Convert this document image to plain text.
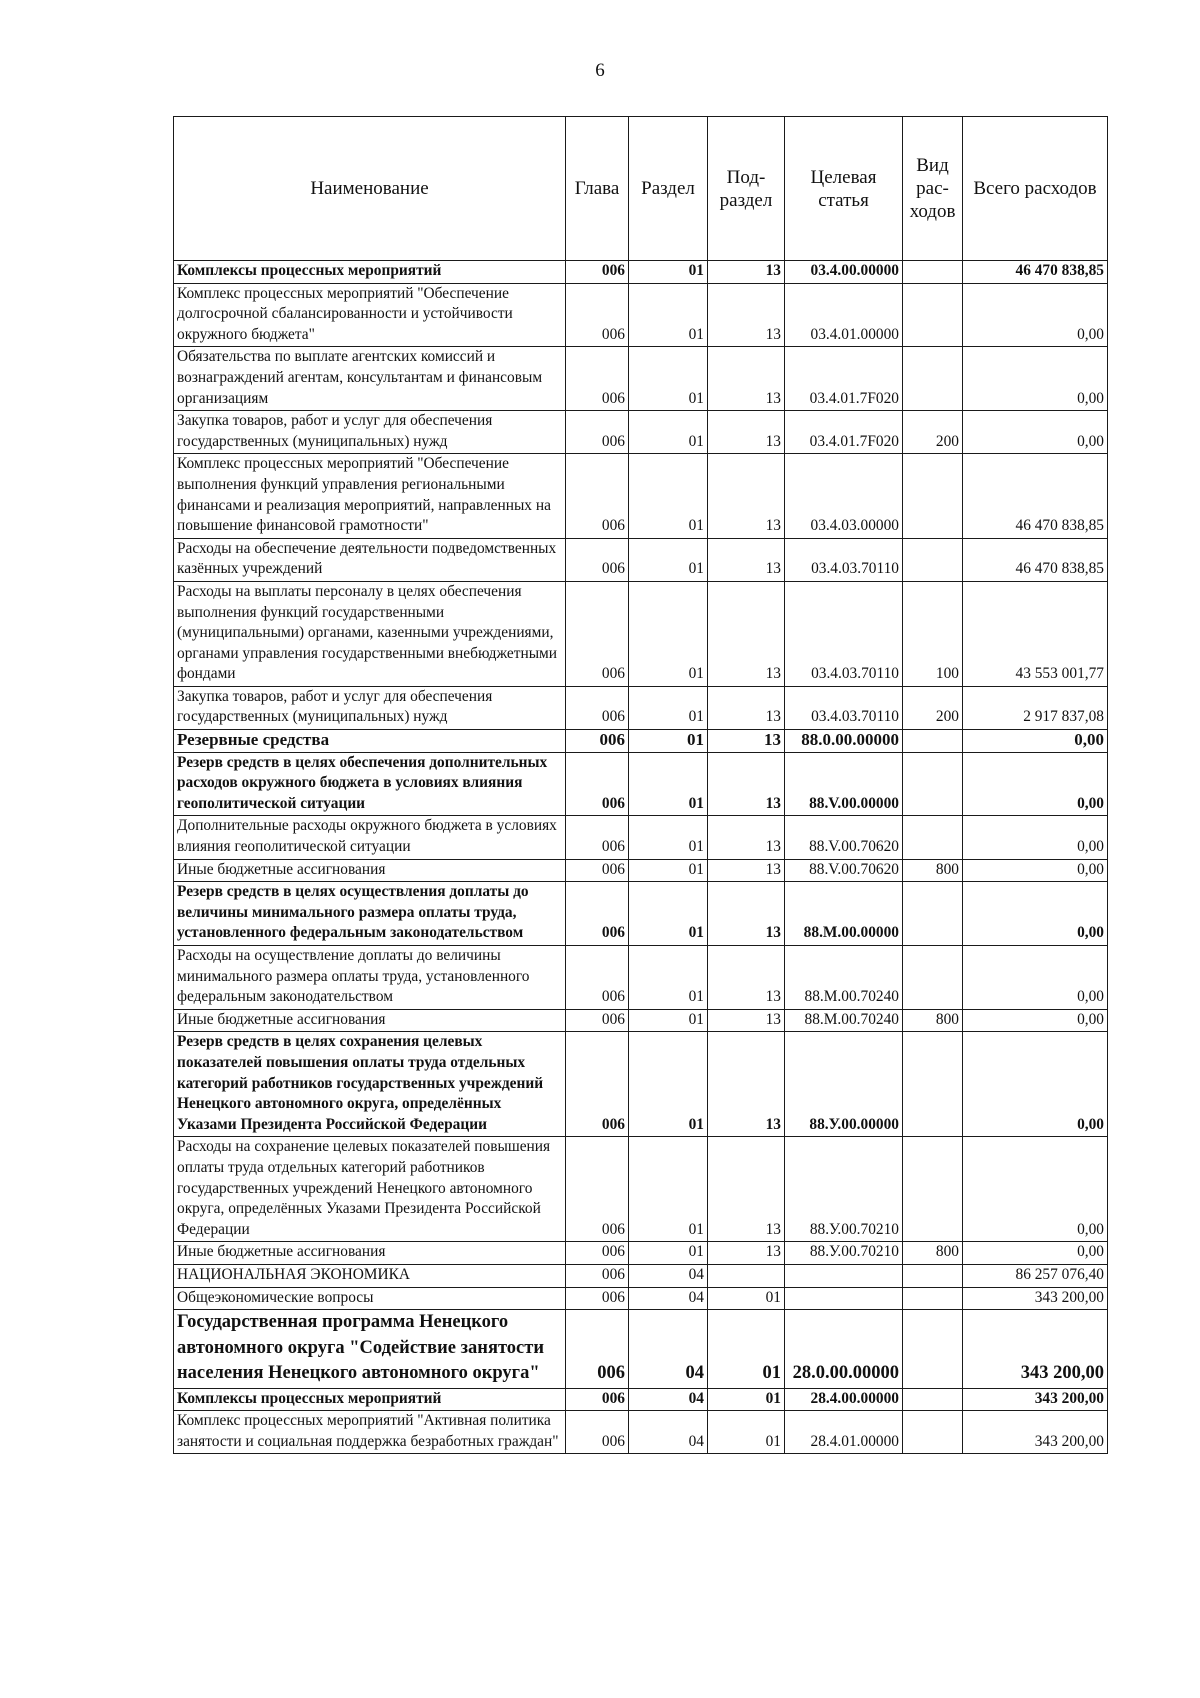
6
Наименование	Глава	Раздел	Под-раздел	Целевая статья	Вид рас-ходов	Всего расходов
Комплексы процессных мероприятий	006	01	13	03.4.00.00000		46 470 838,85
Комплекс процессных мероприятий "Обеспечение долгосрочной сбалансированности и устойчивости окружного бюджета"	006	01	13	03.4.01.00000		0,00
Обязательства по выплате агентских комиссий и вознаграждений агентам, консультантам и финансовым организациям	006	01	13	03.4.01.7F020		0,00
Закупка товаров, работ и услуг для обеспечения государственных (муниципальных) нужд	006	01	13	03.4.01.7F020	200	0,00
Комплекс процессных мероприятий "Обеспечение выполнения функций управления региональными финансами и реализация мероприятий, направленных на повышение финансовой грамотности"	006	01	13	03.4.03.00000		46 470 838,85
Расходы на обеспечение деятельности подведомственных казённых учреждений	006	01	13	03.4.03.70110		46 470 838,85
Расходы на выплаты персоналу в целях обеспечения выполнения функций государственными (муниципальными) органами, казенными учреждениями, органами управления государственными внебюджетными фондами	006	01	13	03.4.03.70110	100	43 553 001,77
Закупка товаров, работ и услуг для обеспечения государственных (муниципальных) нужд	006	01	13	03.4.03.70110	200	2 917 837,08
Резервные средства	006	01	13	88.0.00.00000		0,00
Резерв средств в целях обеспечения дополнительных расходов окружного бюджета в условиях влияния геополитической ситуации	006	01	13	88.V.00.00000		0,00
Дополнительные расходы окружного бюджета в условиях влияния геополитической ситуации	006	01	13	88.V.00.70620		0,00
Иные бюджетные ассигнования	006	01	13	88.V.00.70620	800	0,00
Резерв средств в целях осуществления доплаты до величины минимального размера оплаты труда, установленного федеральным законодательством	006	01	13	88.M.00.00000		0,00
Расходы на осуществление доплаты до величины минимального размера оплаты труда, установленного федеральным законодательством	006	01	13	88.M.00.70240		0,00
Иные бюджетные ассигнования	006	01	13	88.M.00.70240	800	0,00
Резерв средств в целях сохранения целевых показателей повышения оплаты труда отдельных категорий работников государственных учреждений Ненецкого автономного округа, определённых Указами Президента Российской Федерации	006	01	13	88.У.00.00000		0,00
Расходы на сохранение целевых показателей повышения оплаты труда отдельных категорий работников государственных учреждений Ненецкого автономного округа, определённых Указами Президента Российской Федерации	006	01	13	88.У.00.70210		0,00
Иные бюджетные ассигнования	006	01	13	88.У.00.70210	800	0,00
НАЦИОНАЛЬНАЯ ЭКОНОМИКА	006	04				86 257 076,40
Общеэкономические вопросы	006	04	01			343 200,00
Государственная программа Ненецкого автономного округа "Содействие занятости населения Ненецкого автономного округа"	006	04	01	28.0.00.00000		343 200,00
Комплексы процессных мероприятий	006	04	01	28.4.00.00000		343 200,00
Комплекс процессных мероприятий "Активная политика занятости и социальная поддержка безработных граждан"	006	04	01	28.4.01.00000		343 200,00
